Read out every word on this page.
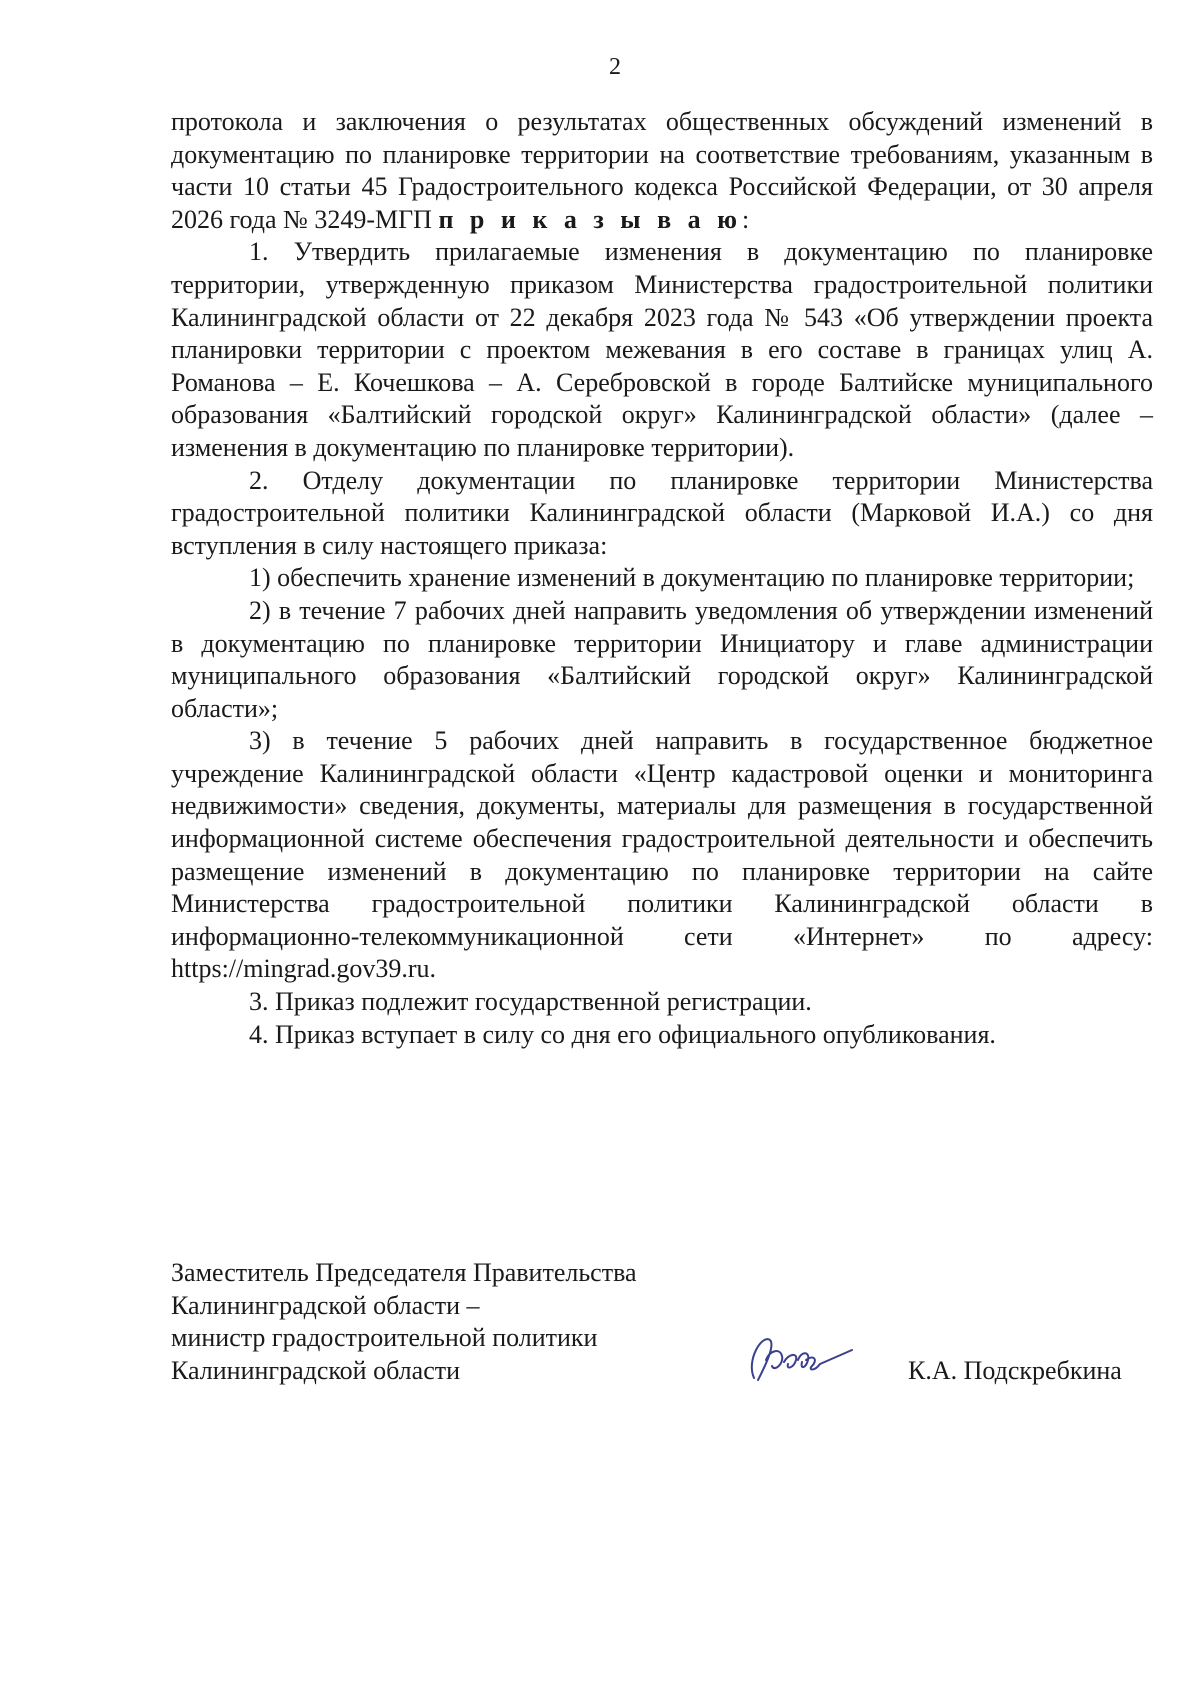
2

протокола и заключения о результатах общественных обсуждений изменений в документацию по планировке территории на соответствие требованиям, указанным в части 10 статьи 45 Градостроительного кодекса Российской Федерации, от 30 апреля 2026 года № 3249-МГП п р и к а з ы в а ю:

1. Утвердить прилагаемые изменения в документацию по планировке территории, утвержденную приказом Министерства градостроительной политики Калининградской области от 22 декабря 2023 года № 543 «Об утверждении проекта планировки территории с проектом межевания в его составе в границах улиц А. Романова – Е. Кочешкова – А. Серебровской в городе Балтийске муниципального образования «Балтийский городской округ» Калининградской области» (далее – изменения в документацию по планировке территории).

2. Отделу документации по планировке территории Министерства градостроительной политики Калининградской области (Марковой И.А.) со дня вступления в силу настоящего приказа:

1) обеспечить хранение изменений в документацию по планировке территории;

2) в течение 7 рабочих дней направить уведомления об утверждении изменений в документацию по планировке территории Инициатору и главе администрации муниципального образования «Балтийский городской округ» Калининградской области»;

3) в течение 5 рабочих дней направить в государственное бюджетное учреждение Калининградской области «Центр кадастровой оценки и мониторинга недвижимости» сведения, документы, материалы для размещения в государственной информационной системе обеспечения градостроительной деятельности и обеспечить размещение изменений в документацию по планировке территории на сайте Министерства градостроительной политики Калининградской области в информационно-телекоммуникационной сети «Интернет» по адресу: https://mingrad.gov39.ru.

3. Приказ подлежит государственной регистрации.

4. Приказ вступает в силу со дня его официального опубликования.

Заместитель Председателя Правительства
Калининградской области –
министр градостроительной политики
Калининградской области	К.А. Подскребкина
